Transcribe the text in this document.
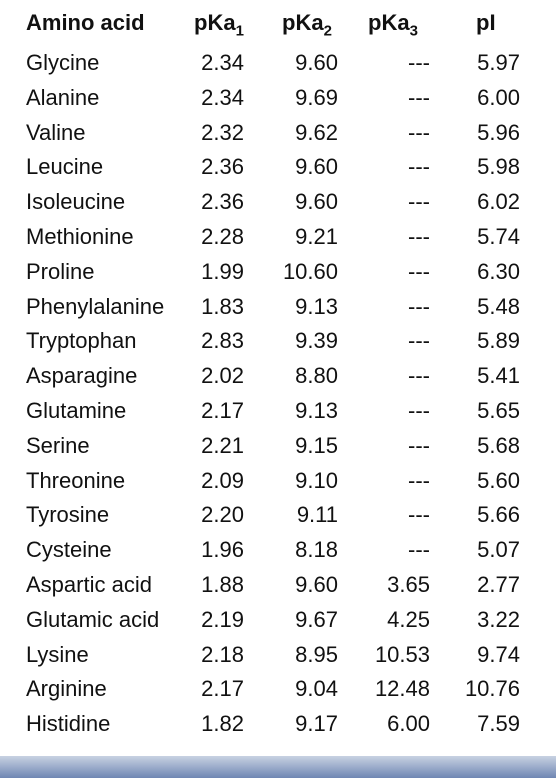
Amino acid pKa$_1$ pKa$_2$ pKa$_3$	pI
Glycine	2.34 9.60	--- 5.97
Alanine	2.34 9.69	--- 6.00
Valine	2.32 9.62	--- 5.96
Leucine	2.36 9.60	--- 5.98
Isoleucine	2.36 9.60	--- 6.02
Methionine	2.28 9.21	--- 5.74
Proline	1.99 10.60	--- 6.30
Phenylalanine 1.83 9.13	--- 5.48
Tryptophan	2.83 9.39	--- 5.89
Asparagine	2.02 8.80	--- 5.41
Glutamine	2.17 9.13	--- 5.65
Serine	2.21 9.15	--- 5.68
Threonine	2.09 9.10	--- 5.60
Tyrosine	2.20 9.11	--- 5.66
Cysteine	1.96 8.18	--- 5.07
Aspartic acid 1.88 9.60 3.65 2.77
Glutamic acid 2.19 9.67 4.25 3.22
Lysine	2.18 8.95 10.53 9.74
Arginine	2.17 9.04 12.48 10.76
Histidine	1.82 9.17 6.00 7.59
